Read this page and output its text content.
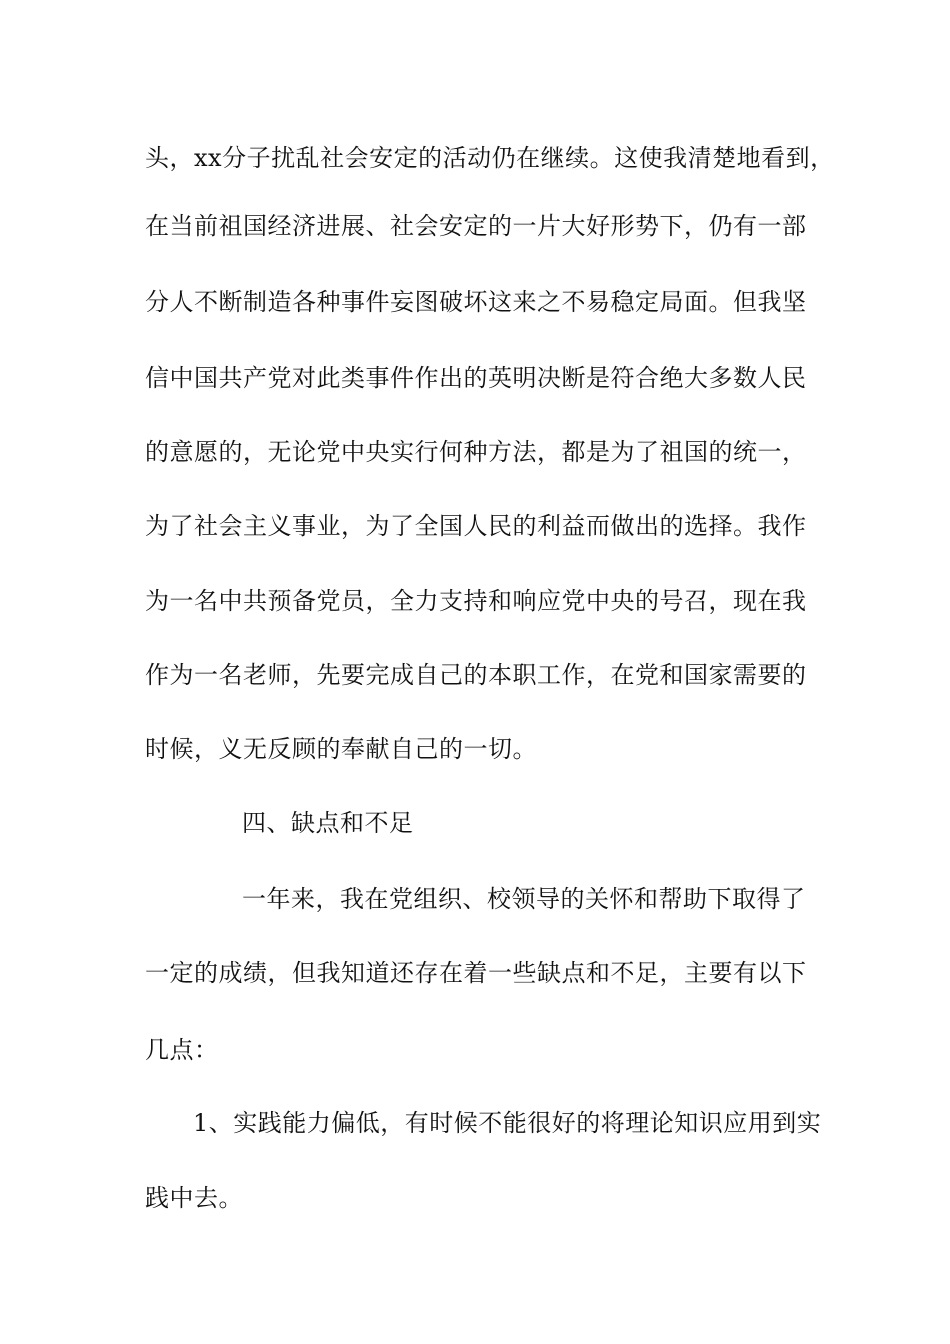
头，xx分子扰乱社会安定的活动仍在继续。这使我清楚地看到，
在当前祖国经济进展、社会安定的一片大好形势下，仍有一部
分人不断制造各种事件妄图破坏这来之不易稳定局面。但我坚
信中国共产党对此类事件作出的英明决断是符合绝大多数人民
的意愿的，无论党中央实行何种方法，都是为了祖国的统一，
为了社会主义事业，为了全国人民的利益而做出的选择。我作
为一名中共预备党员，全力支持和响应党中央的号召，现在我
作为一名老师，先要完成自己的本职工作，在党和国家需要的
时候，义无反顾的奉献自己的一切。
四、缺点和不足
一年来，我在党组织、校领导的关怀和帮助下取得了
一定的成绩，但我知道还存在着一些缺点和不足，主要有以下
几点：
1、实践能力偏低，有时候不能很好的将理论知识应用到实
践中去。
